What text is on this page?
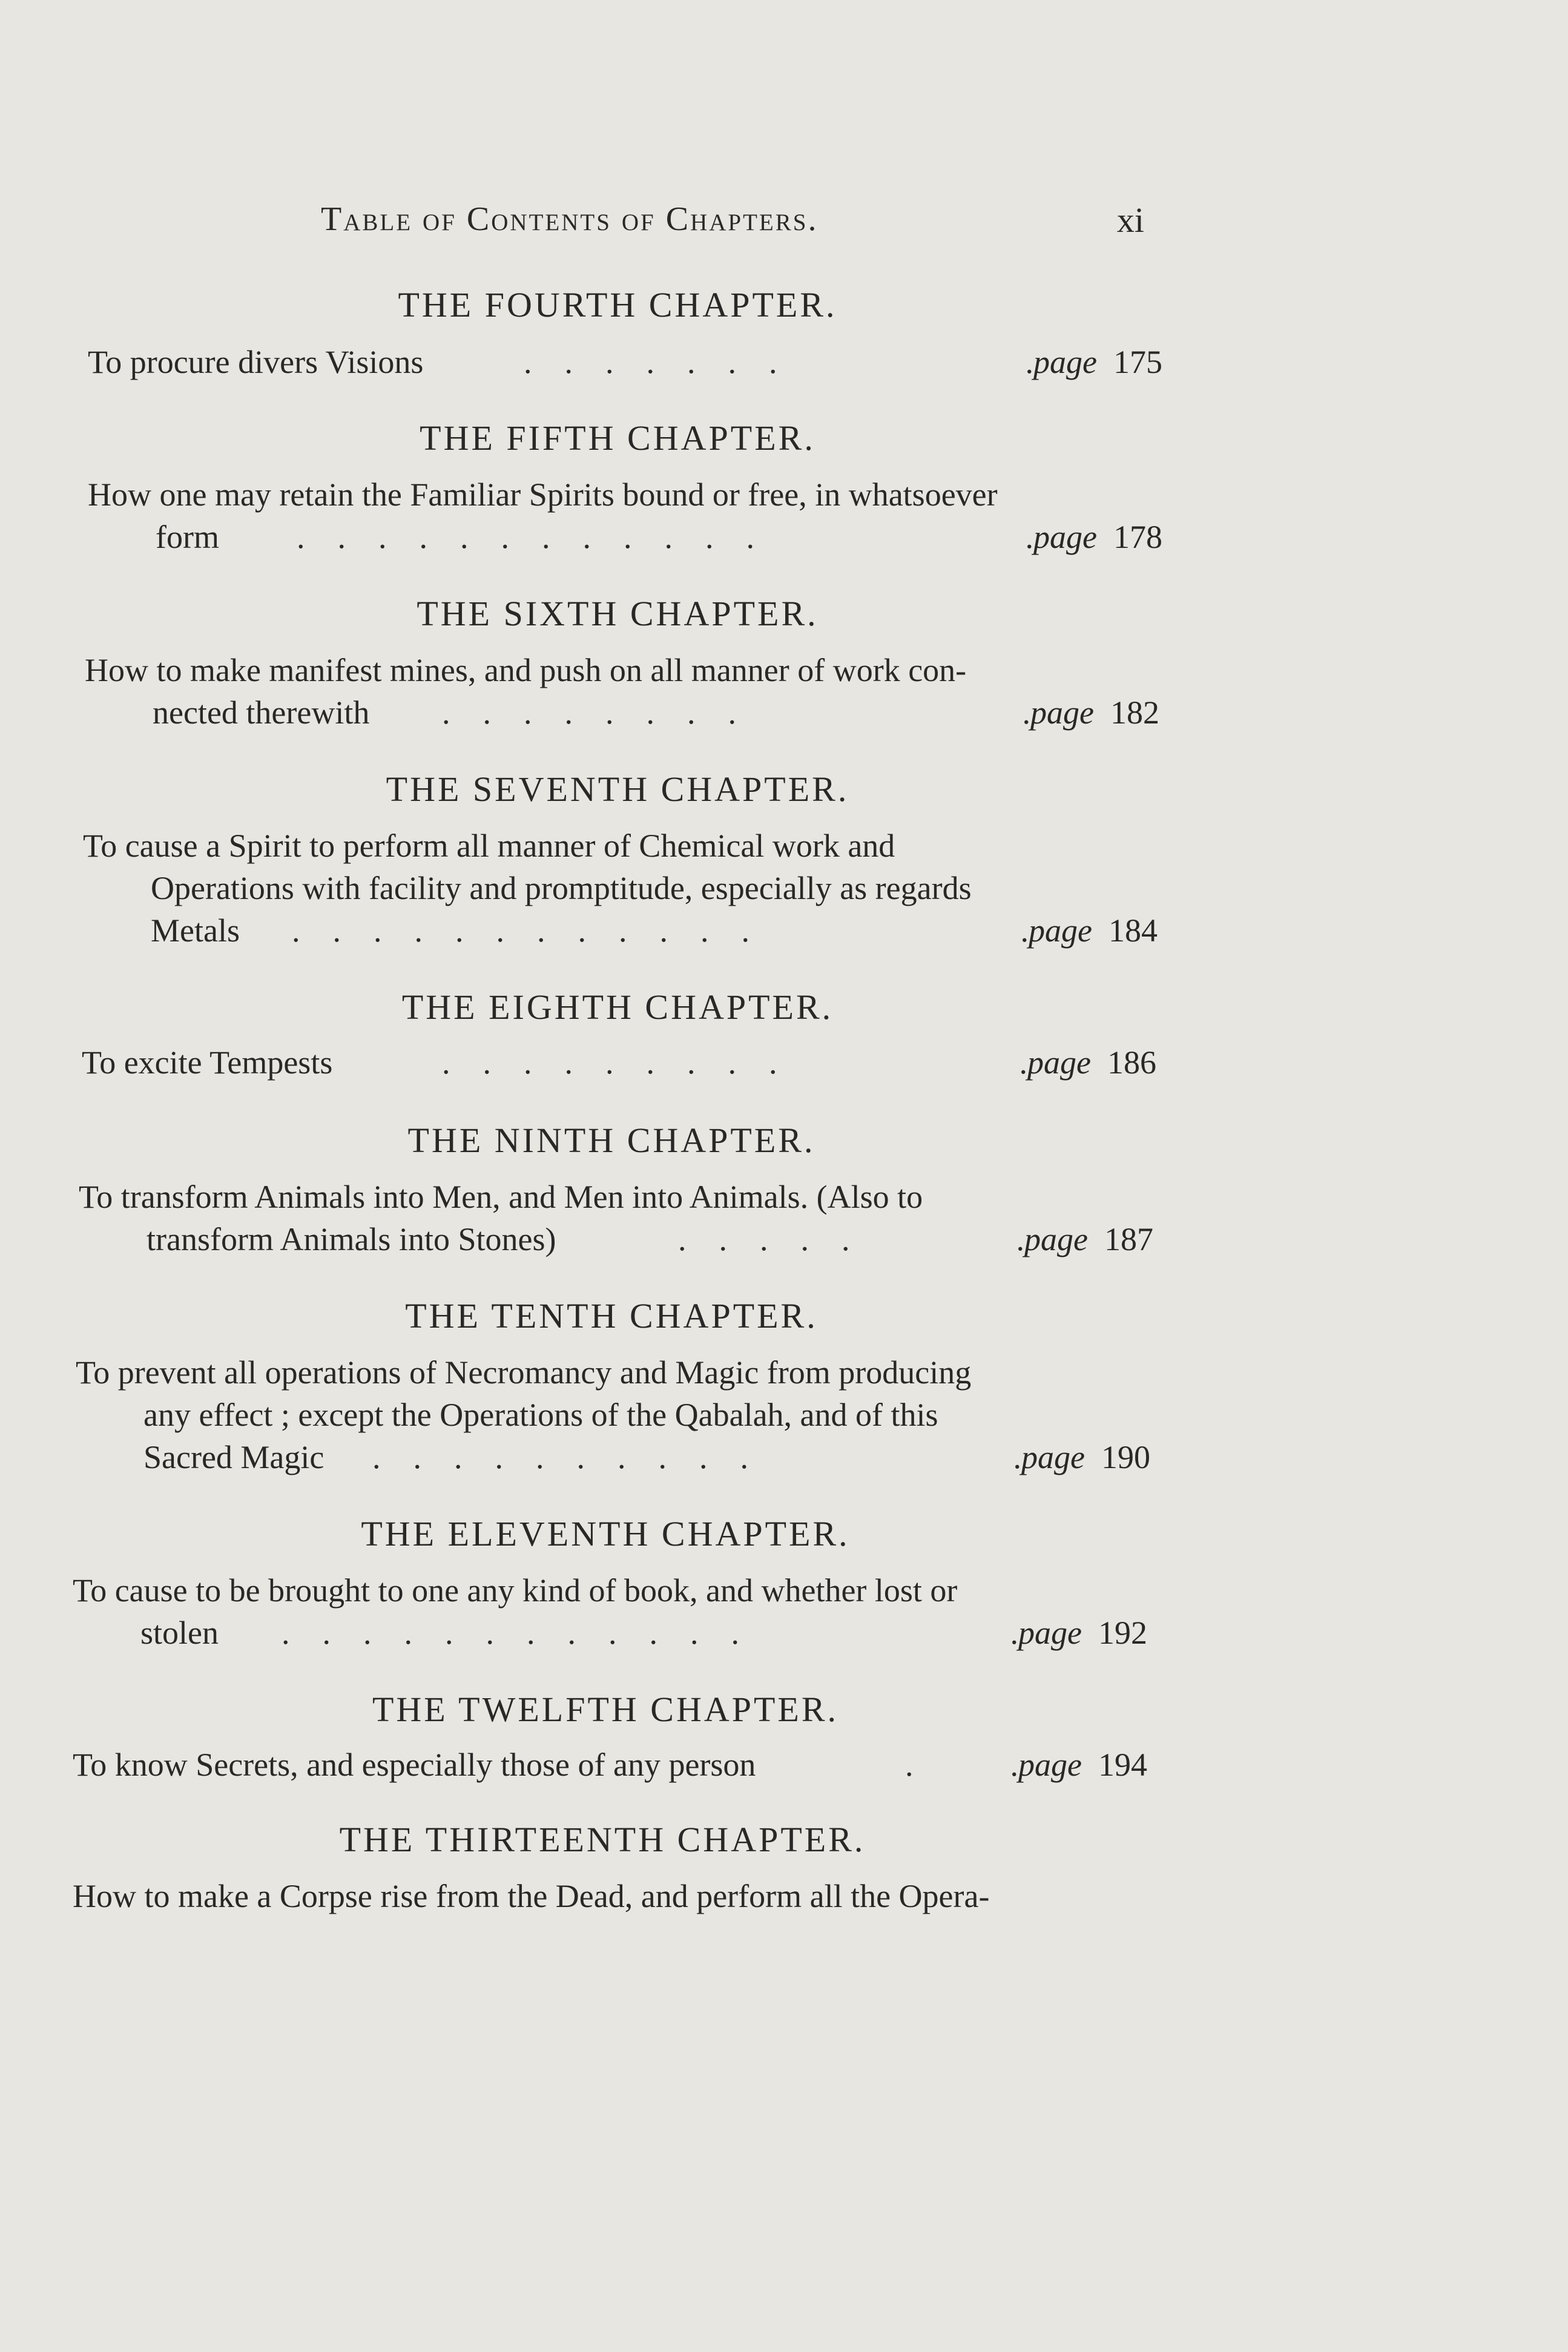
Table of Contents of Chapters.	xi
THE FOURTH CHAPTER.
To procure divers Visions	.    .    .    .    .    .    .	.page 175
THE FIFTH CHAPTER.
How one may retain the Familiar Spirits bound or free, in whatsoever
form .    .    .    .    .    .    .    .    .    .    .    .	.page 178
THE SIXTH CHAPTER.
How to make manifest mines, and push on all manner of work con-
nected therewith .    .    .    .    .    .    .    .	.page 182
THE SEVENTH CHAPTER.
To cause a Spirit to perform all manner of Chemical work and
Operations with facility and promptitude, especially as regards
Metals .    .    .    .    .    .    .    .    .    .    .    .	.page 184
THE EIGHTH CHAPTER.
To excite Tempests	.    .    .    .    .    .    .    .    .	.page 186
THE NINTH CHAPTER.
To transform Animals into Men, and Men into Animals. (Also to
transform Animals into Stones)	.    .    .    .    .	.page 187
THE TENTH CHAPTER.
To prevent all operations of Necromancy and Magic from producing
any effect ; except the Operations of the Qabalah, and of this
Sacred Magic .    .    .    .    .    .    .    .    .    .	.page 190
THE ELEVENTH CHAPTER.
To cause to be brought to one any kind of book, and whether lost or
stolen .    .    .    .    .    .    .    .    .    .    .    .	.page 192
THE TWELFTH CHAPTER.
To know Secrets, and especially those of any person	.	.page 194
THE THIRTEENTH CHAPTER.
How to make a Corpse rise from the Dead, and perform all the Opera-
